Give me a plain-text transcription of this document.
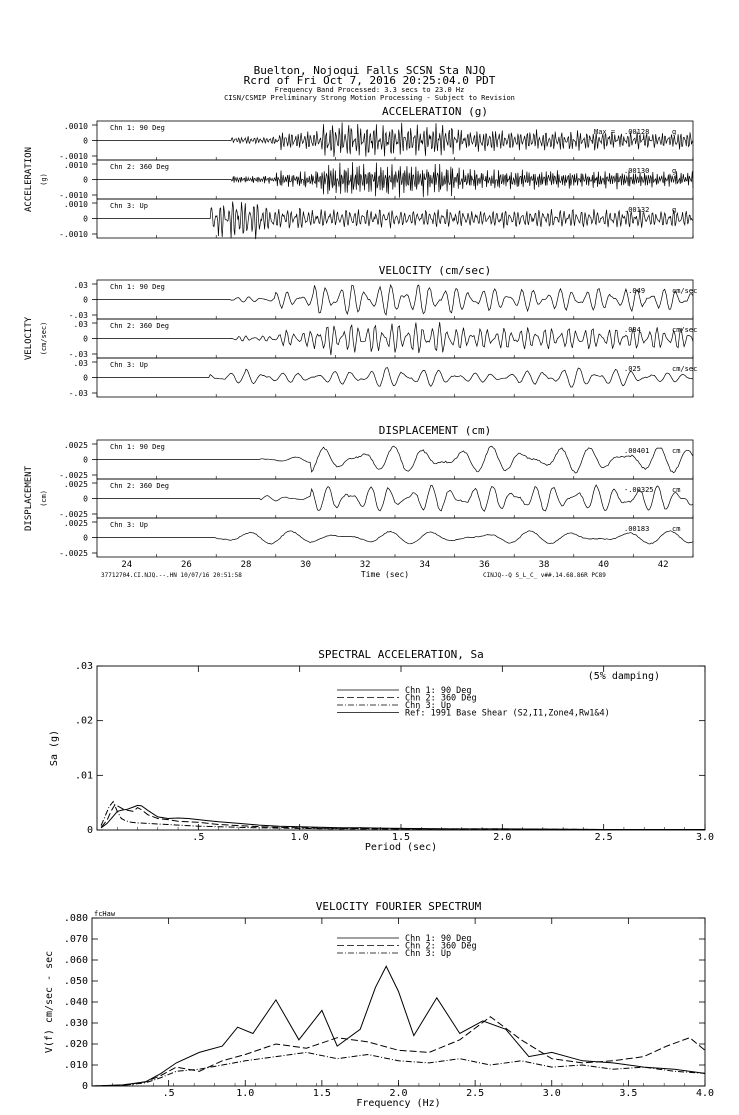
Buelton, Nojoqui Falls SCSN Sta NJQ
Rcrd of Fri Oct 7, 2016 20:25:04.0 PDT
Frequency Band Processed: 3.3 secs to 23.0 Hz
CISN/CSMIP Preliminary Strong Motion Processing - Subject to Revision
ACCELERATION (g)
ACCELERATION (g)
.0010
0
-.0010
Chn 1: 90 Deg	Max = .00128	g
.0010
0
-.0010
Chn 2: 360 Deg	.00130	g
.0010
0
-.0010
Chn 3: Up	.00132	g
VELOCITY (cm/sec)
VELOCITY (cm/sec)
.03
0
-.03
Chn 1: 90 Deg	-.049	cm/sec
.03
0
-.03
Chn 2: 360 Deg	.034	cm/sec
.03
0
-.03
Chn 3: Up	.025	cm/sec
DISPLACEMENT (cm)
DISPLACEMENT (cm)
.0025
0
-.0025
Chn 1: 90 Deg	.00401	cm
.0025
0
-.0025
Chn 2: 360 Deg	-.00325	cm
.0025
0
-.0025
Chn 3: Up	.00183	cm
24	26	28	30	32	34	36	38	40	42
Time (sec)
37712704.CI.NJQ.--.HN 10/07/16 20:51:58	CINJQ--Q S_L_C_ v##.14.68.86R PC89
SPECTRAL ACCELERATION, Sa
0
.01
.02
.03
.5	1.0	1.5	2.0	2.5	3.0
Period (sec)
Sa (g)
(5% damping)
Chn 1: 90 Deg
Chn 2: 360 Deg
Chn 3: Up
Ref: 1991 Base Shear (S2,I1,Zone4,Rw1&4)
VELOCITY FOURIER SPECTRUM
0
.010
.020
.030
.040
.050
.060
.070
.080
.5	1.0	1.5	2.0	2.5	3.0	3.5	4.0
Frequency (Hz)
V(f) cm/sec - sec
fcHaw
Chn 1: 90 Deg
Chn 2: 360 Deg
Chn 3: Up
